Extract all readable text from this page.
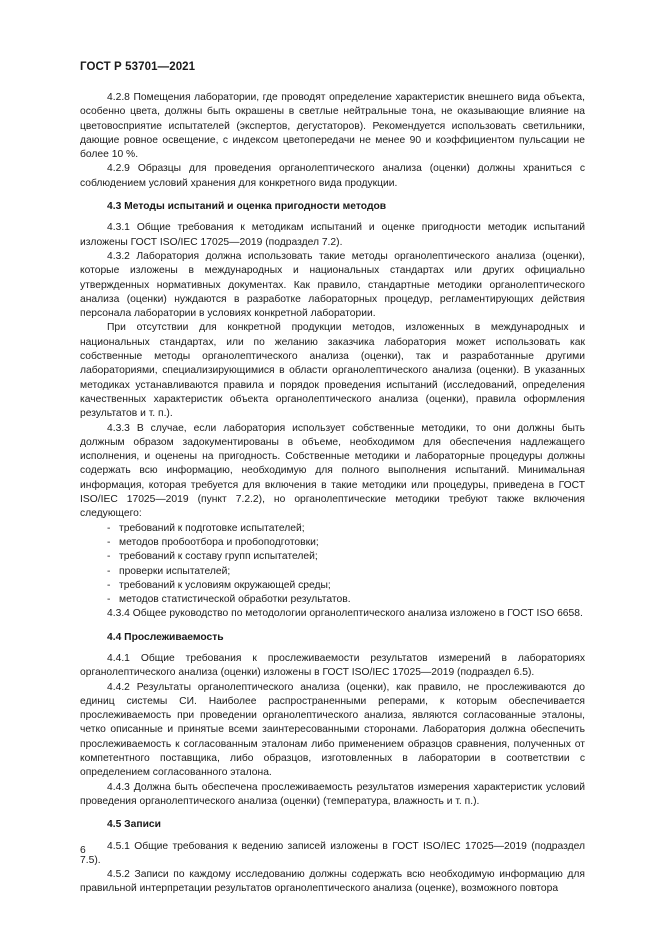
ГОСТ Р 53701—2021

4.2.8 Помещения лаборатории, где проводят определение характеристик внешнего вида объекта, особенно цвета, должны быть окрашены в светлые нейтральные тона, не оказывающие влияние на цветовосприятие испытателей (экспертов, дегустаторов). Рекомендуется использовать светильники, дающие ровное освещение, с индексом цветопередачи не менее 90 и коэффициентом пульсации не более 10 %.

4.2.9 Образцы для проведения органолептического анализа (оценки) должны храниться с соблюдением условий хранения для конкретного вида продукции.

4.3 Методы испытаний и оценка пригодности методов

4.3.1 Общие требования к методикам испытаний и оценке пригодности методик испытаний изложены ГОСТ ISO/IEC 17025—2019 (подраздел 7.2).

4.3.2 Лаборатория должна использовать такие методы органолептического анализа (оценки), которые изложены в международных и национальных стандартах или других официально утвержденных нормативных документах. Как правило, стандартные методики органолептического анализа (оценки) нуждаются в разработке лабораторных процедур, регламентирующих действия персонала лаборатории в условиях конкретной лаборатории.

При отсутствии для конкретной продукции методов, изложенных в международных и национальных стандартах, или по желанию заказчика лаборатория может использовать как собственные методы органолептического анализа (оценки), так и разработанные другими лабораториями, специализирующимися в области органолептического анализа (оценки). В указанных методиках устанавливаются правила и порядок проведения испытаний (исследований, определения качественных характеристик объекта органолептического анализа (оценки), правила оформления результатов и т. п.).

4.3.3 В случае, если лаборатория использует собственные методики, то они должны быть должным образом задокументированы в объеме, необходимом для обеспечения надлежащего исполнения, и оценены на пригодность. Собственные методики и лабораторные процедуры должны содержать всю информацию, необходимую для полного выполнения испытаний. Минимальная информация, которая требуется для включения в такие методики или процедуры, приведена в ГОСТ ISO/IEC 17025—2019 (пункт 7.2.2), но органолептические методики требуют также включения следующего:

- требований к подготовке испытателей;

- методов пробоотбора и пробоподготовки;

- требований к составу групп испытателей;

- проверки испытателей;

- требований к условиям окружающей среды;

- методов статистической обработки результатов.

4.3.4 Общее руководство по методологии органолептического анализа изложено в ГОСТ ISO 6658.

4.4 Прослеживаемость

4.4.1 Общие требования к прослеживаемости результатов измерений в лабораториях органолептического анализа (оценки) изложены в ГОСТ ISO/IEC 17025—2019 (подраздел 6.5).

4.4.2 Результаты органолептического анализа (оценки), как правило, не прослеживаются до единиц системы СИ. Наиболее распространенными реперами, к которым обеспечивается прослеживаемость при проведении органолептического анализа, являются согласованные эталоны, четко описанные и принятые всеми заинтересованными сторонами. Лаборатория должна обеспечить прослеживаемость к согласованным эталонам либо применением образцов сравнения, полученных от компетентного поставщика, либо образцов, изготовленных в лаборатории в соответствии с определением согласованного эталона.

4.4.3 Должна быть обеспечена прослеживаемость результатов измерения характеристик условий проведения органолептического анализа (оценки) (температура, влажность и т. п.).

4.5 Записи

4.5.1 Общие требования к ведению записей изложены в ГОСТ ISO/IEC 17025—2019 (подраздел 7.5).

4.5.2 Записи по каждому исследованию должны содержать всю необходимую информацию для правильной интерпретации результатов органолептического анализа (оценке), возможного повтора

6
